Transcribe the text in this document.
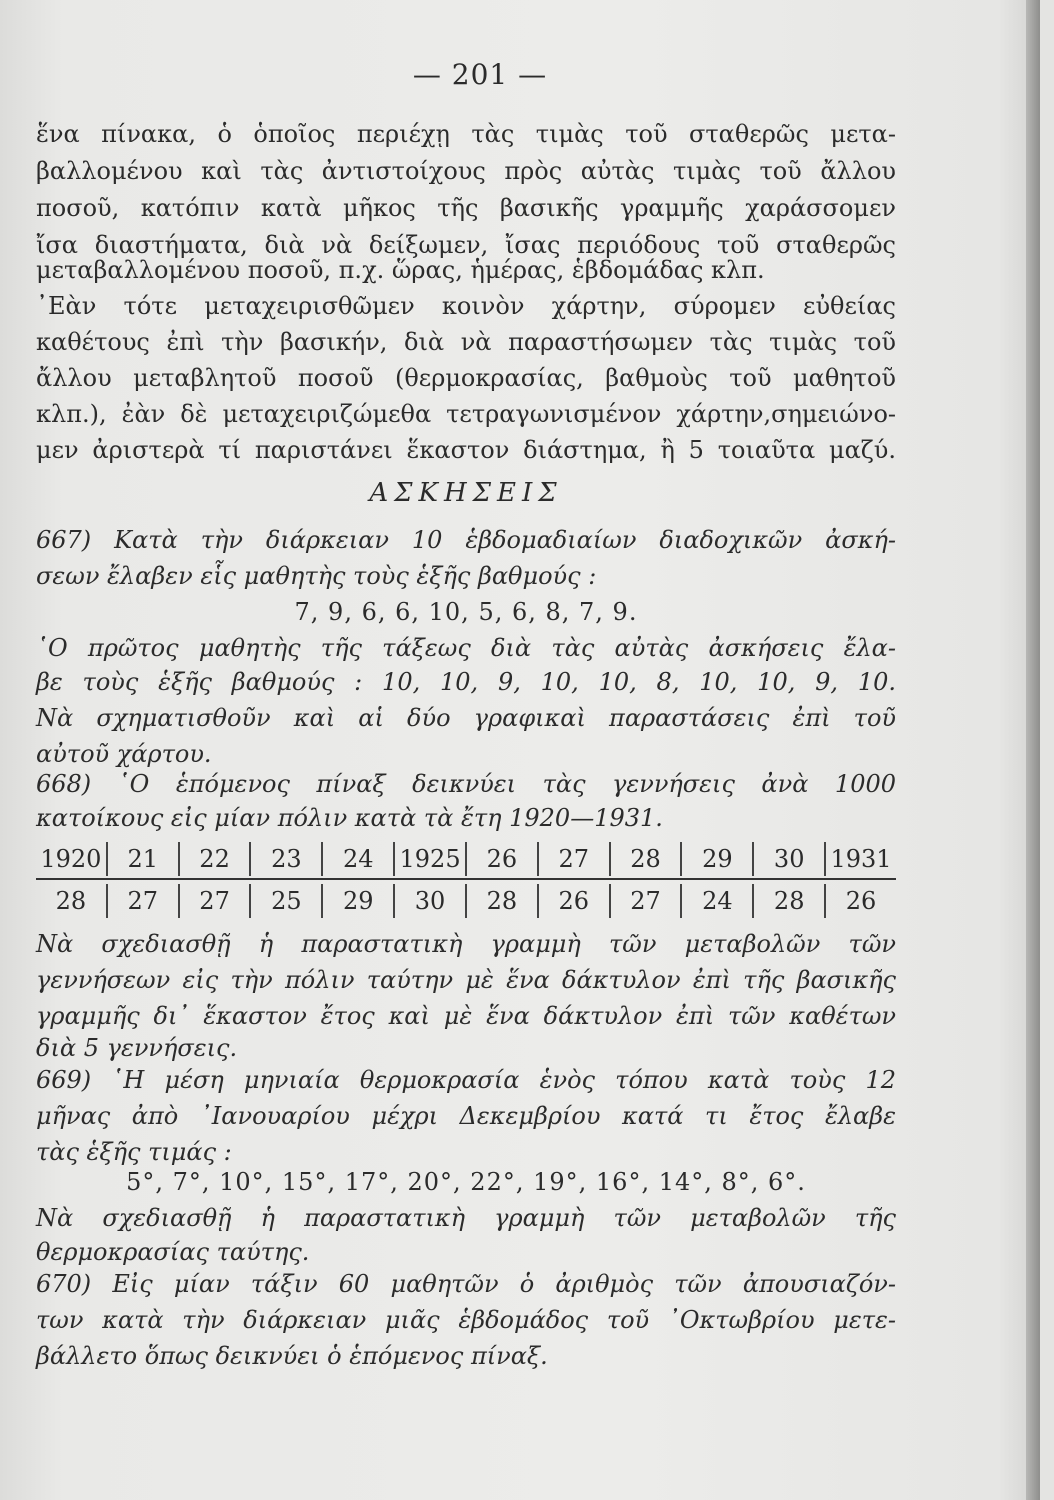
— 201 —
ἕνα πίνακα, ὁ ὁποῖος περιέχῃ τὰς τιμὰς τοῦ σταθερῶς μετα-
βαλλομένου καὶ τὰς ἀντιστοίχους πρὸς αὐτὰς τιμὰς τοῦ ἄλλου
ποσοῦ, κατόπιν κατὰ μῆκος τῆς βασικῆς γραμμῆς χαράσσομεν
ἴσα διαστήματα, διὰ νὰ δείξωμεν, ἴσας περιόδους τοῦ σταθερῶς
μεταβαλλομένου ποσοῦ, π.χ. ὥρας, ἡμέρας, ἑβδομάδας κλπ.
᾿Εὰν τότε μεταχειρισθῶμεν κοινὸν χάρτην, σύρομεν εὐθείας
καθέτους ἐπὶ τὴν βασικήν, διὰ νὰ παραστήσωμεν τὰς τιμὰς τοῦ
ἄλλου μεταβλητοῦ ποσοῦ (θερμοκρασίας, βαθμοὺς τοῦ μαθητοῦ
κλπ.), ἐὰν δὲ μεταχειριζώμεθα τετραγωνισμένον χάρτην,σημειώνο-
μεν ἀριστερὰ τί παριστάνει ἕκαστον διάστημα, ἢ 5 τοιαῦτα μαζύ.
ΑΣΚΗΣΕΙΣ
667) Κατὰ τὴν διάρκειαν 10 ἑβδομαδιαίων διαδοχικῶν ἀσκή-
σεων ἔλαβεν εἷς μαθητὴς τοὺς ἑξῆς βαθμούς :
7, 9, 6, 6, 10, 5, 6, 8, 7, 9.
῾Ο πρῶτος μαθητὴς τῆς τάξεως διὰ τὰς αὐτὰς ἀσκήσεις ἔλα-
βε τοὺς ἑξῆς βαθμούς : 10, 10, 9, 10, 10, 8, 10, 10, 9, 10.
Νὰ σχηματισθοῦν καὶ αἱ δύο γραφικαὶ παραστάσεις ἐπὶ τοῦ
αὐτοῦ χάρτου.
668) ῾Ο ἑπόμενος πίναξ δεικνύει τὰς γεννήσεις ἀνὰ 1000
κατοίκους εἰς μίαν πόλιν κατὰ τὰ ἔτη 1920—1931.
1920	21	22	23	24	1925	26	27	28	29	30	1931
28	27	27	25	29	30	28	26	27	24	28	26
Νὰ σχεδιασθῇ ἡ παραστατικὴ γραμμὴ τῶν μεταβολῶν τῶν
γεννήσεων εἰς τὴν πόλιν ταύτην μὲ ἕνα δάκτυλον ἐπὶ τῆς βασικῆς
γραμμῆς δι᾿ ἕκαστον ἔτος καὶ μὲ ἕνα δάκτυλον ἐπὶ τῶν καθέτων
διὰ 5 γεννήσεις.
669) ῾Η μέση μηνιαία θερμοκρασία ἑνὸς τόπου κατὰ τοὺς 12
μῆνας ἀπὸ ᾿Ιανουαρίου μέχρι Δεκεμβρίου κατά τι ἔτος ἔλαβε
τὰς ἑξῆς τιμάς :
5°, 7°, 10°, 15°, 17°, 20°, 22°, 19°, 16°, 14°, 8°, 6°.
Νὰ σχεδιασθῇ ἡ παραστατικὴ γραμμὴ τῶν μεταβολῶν τῆς
θερμοκρασίας ταύτης.
670) Εἰς μίαν τάξιν 60 μαθητῶν ὁ ἀριθμὸς τῶν ἀπουσιαζόν-
των κατὰ τὴν διάρκειαν μιᾶς ἑβδομάδος τοῦ ᾿Οκτωβρίου μετε-
βάλλετο ὅπως δεικνύει ὁ ἑπόμενος πίναξ.
